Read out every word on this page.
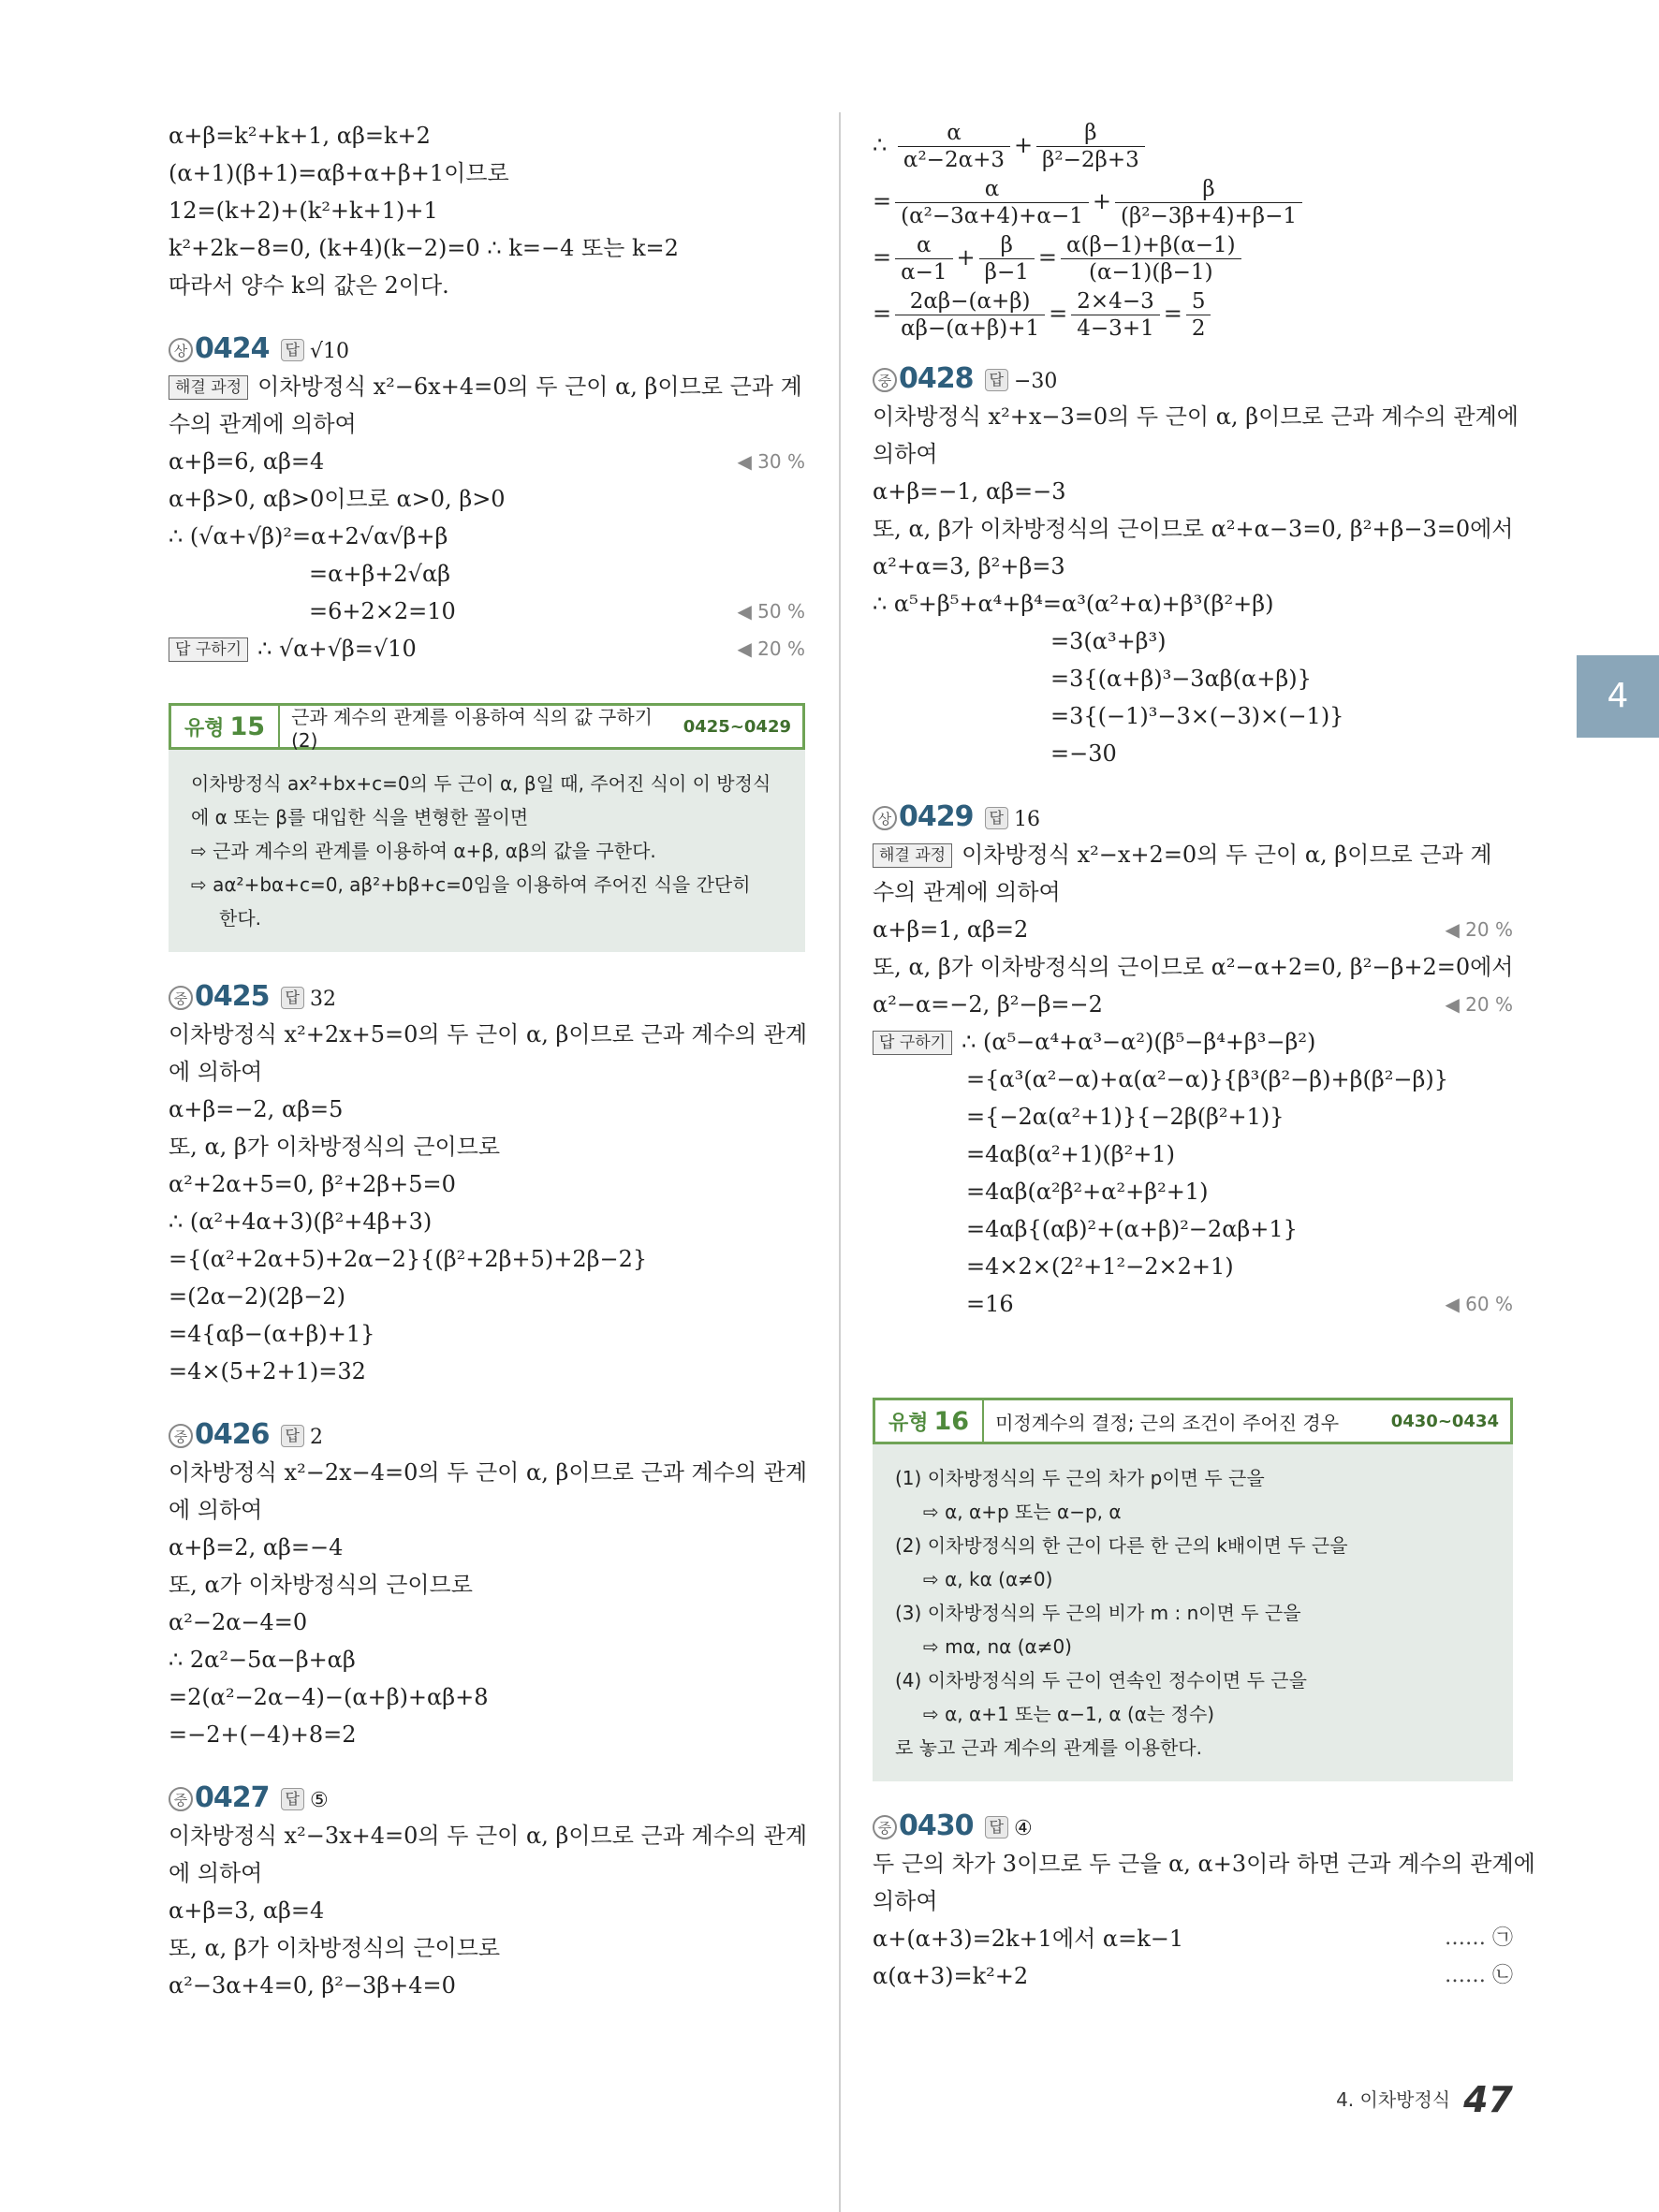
α+β=k²+k+1, αβ=k+2
(α+1)(β+1)=αβ+α+β+1이므로
12=(k+2)+(k²+k+1)+1
k²+2k−8=0, (k+4)(k−2)=0 ∴ k=−4 또는 k=2
따라서 양수 k의 값은 2이다.
상 0424 답 √10
해결 과정 이차방정식 x²−6x+4=0의 두 근이 α, β이므로 근과 계
수의 관계에 의하여
α+β=6, αβ=4	◀ 30 %
α+β>0, αβ>0이므로 α>0, β>0
∴ (√α+√β)²=α+2√α√β+β
=α+β+2√αβ
=6+2×2=10	◀ 50 %
답 구하기 ∴ √α+√β=√10	◀ 20 %
유형 15	근과 계수의 관계를 이용하여 식의 값 구하기 (2)
0425~0429
이차방정식 ax²+bx+c=0의 두 근이 α, β일 때, 주어진 식이 이 방정식
에 α 또는 β를 대입한 식을 변형한 꼴이면
⇨ 근과 계수의 관계를 이용하여 α+β, αβ의 값을 구한다.
⇨ aα²+bα+c=0, aβ²+bβ+c=0임을 이용하여 주어진 식을 간단히
한다.
중 0425 답 32
이차방정식 x²+2x+5=0의 두 근이 α, β이므로 근과 계수의 관계
에 의하여
α+β=−2, αβ=5
또, α, β가 이차방정식의 근이므로
α²+2α+5=0, β²+2β+5=0
∴ (α²+4α+3)(β²+4β+3)
={(α²+2α+5)+2α−2}{(β²+2β+5)+2β−2}
=(2α−2)(2β−2)
=4{αβ−(α+β)+1}
=4×(5+2+1)=32
중 0426 답 2
이차방정식 x²−2x−4=0의 두 근이 α, β이므로 근과 계수의 관계
에 의하여
α+β=2, αβ=−4
또, α가 이차방정식의 근이므로
α²−2α−4=0
∴ 2α²−5α−β+αβ
=2(α²−2α−4)−(α+β)+αβ+8
=−2+(−4)+8=2
중 0427 답 ⑤
이차방정식 x²−3x+4=0의 두 근이 α, β이므로 근과 계수의 관계
에 의하여
α+β=3, αβ=4
또, α, β가 이차방정식의 근이므로
α²−3α+4=0, β²−3β+4=0
∴ $\frac{\alpha}{\text{α²−2α+3}} + \frac{\beta}{\text{β²−2β+3}}$
= $\frac{\alpha}{\text{(α²−3α+4)+α−1}} + \frac{\beta}{\text{(β²−3β+4)+β−1}}$
= $\frac{\alpha}{\alpha-1} + \frac{\beta}{\beta-1} = \frac{\alpha(\beta-1)+\beta(\alpha-1)}{(\alpha-1)(\beta-1)}$
= $\frac{2\alpha\beta-(\alpha+\beta)}{\alpha\beta-(\alpha+\beta)+1} = \frac{2\times 4-3}{4-3+1} = \frac{5}{2}$
중 0428 답 −30
이차방정식 x²+x−3=0의 두 근이 α, β이므로 근과 계수의 관계에
의하여
α+β=−1, αβ=−3
또, α, β가 이차방정식의 근이므로 α²+α−3=0, β²+β−3=0에서
α²+α=3, β²+β=3
∴ α⁵+β⁵+α⁴+β⁴=α³(α²+α)+β³(β²+β)
=3(α³+β³)
=3{(α+β)³−3αβ(α+β)}
=3{(−1)³−3×(−3)×(−1)}
=−30
상 0429 답 16
해결 과정 이차방정식 x²−x+2=0의 두 근이 α, β이므로 근과 계
수의 관계에 의하여
α+β=1, αβ=2	◀ 20 %
또, α, β가 이차방정식의 근이므로 α²−α+2=0, β²−β+2=0에서
α²−α=−2, β²−β=−2	◀ 20 %
답 구하기 ∴ (α⁵−α⁴+α³−α²)(β⁵−β⁴+β³−β²)
={α³(α²−α)+α(α²−α)}{β³(β²−β)+β(β²−β)}
={−2α(α²+1)}{−2β(β²+1)}
=4αβ(α²+1)(β²+1)
=4αβ(α²β²+α²+β²+1)
=4αβ{(αβ)²+(α+β)²−2αβ+1}
=4×2×(2²+1²−2×2+1)
=16	◀ 60 %
유형 16	미정계수의 결정; 근의 조건이 주어진 경우	0430~0434
(1) 이차방정식의 두 근의 차가 p이면 두 근을
⇨ α, α+p 또는 α−p, α
(2) 이차방정식의 한 근이 다른 한 근의 k배이면 두 근을
⇨ α, kα (α≠0)
(3) 이차방정식의 두 근의 비가 m : n이면 두 근을
⇨ mα, nα (α≠0)
(4) 이차방정식의 두 근이 연속인 정수이면 두 근을
⇨ α, α+1 또는 α−1, α (α는 정수)
로 놓고 근과 계수의 관계를 이용한다.
중 0430 답 ④
두 근의 차가 3이므로 두 근을 α, α+3이라 하면 근과 계수의 관계에
의하여
α+(α+3)=2k+1에서 α=k−1	…… ㉠
α(α+3)=k²+2	…… ㉡
4
4. 이차방정식 47
